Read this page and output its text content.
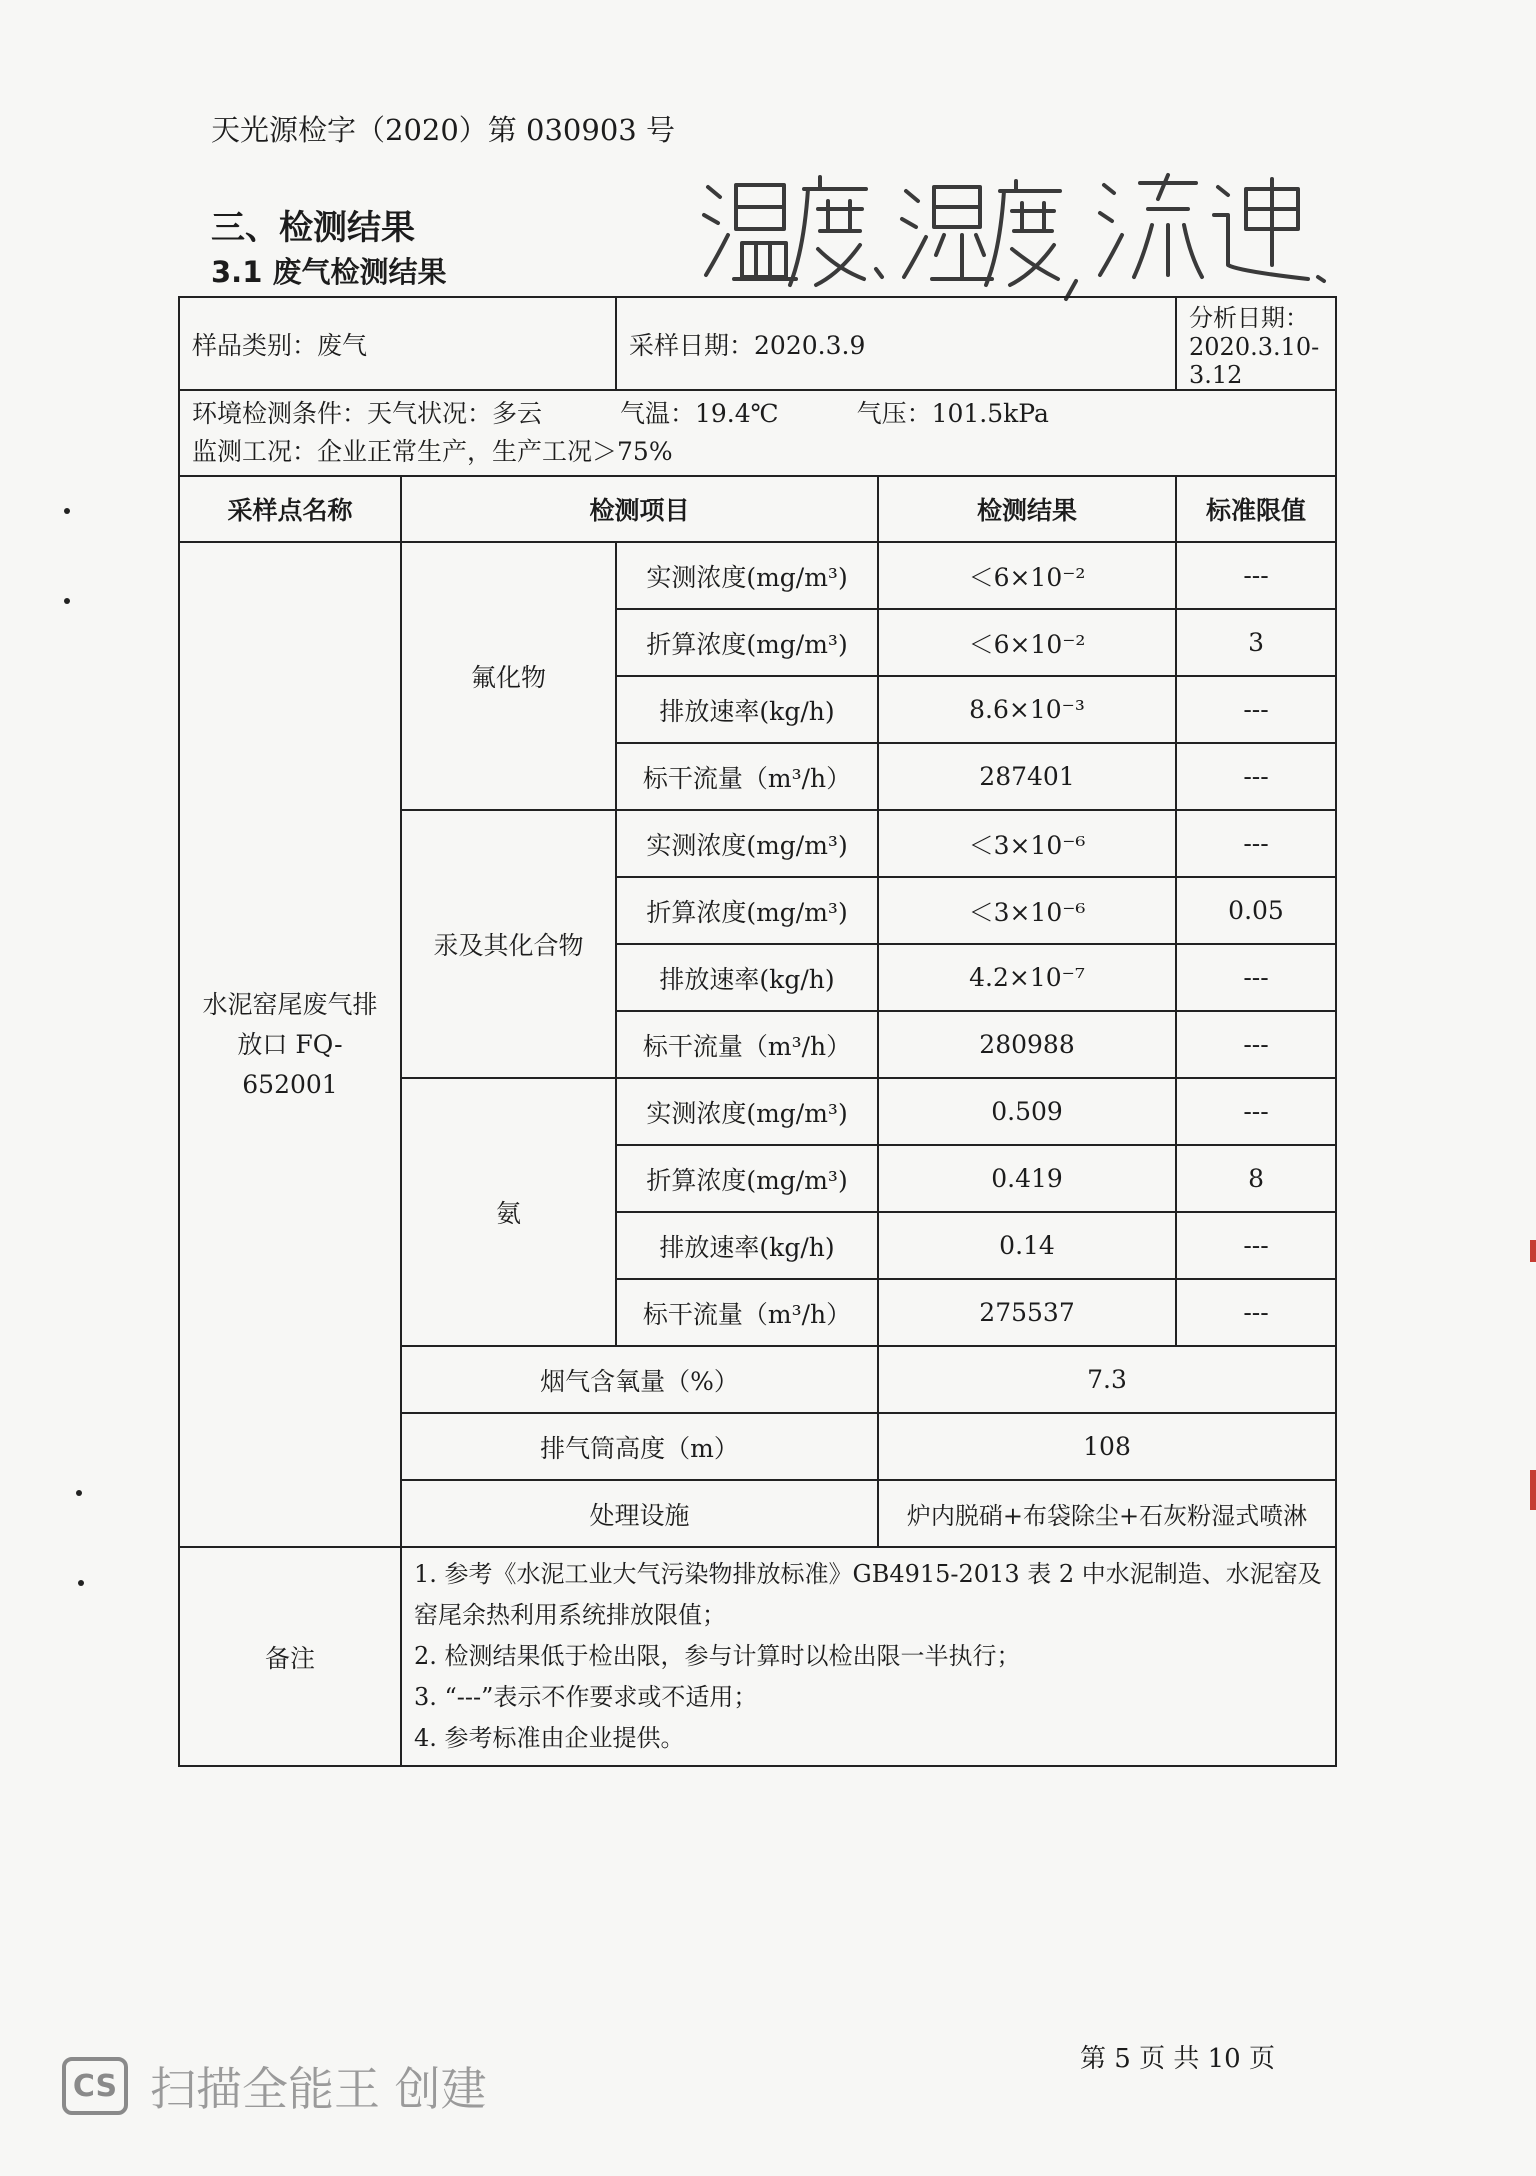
天光源检字（2020）第 030903 号
三、检测结果
3.1 废气检测结果
样品类别：废气		采样日期：2020.3.9		分析日期：2020.3.10-3.12
环境检测条件：天气状况：多云 气温：19.4℃ 气压：101.5kPa
监测工况：企业正常生产，生产工况＞75%				
采样点名称	检测项目		检测结果	标准限值
水泥窑尾废气排放口 FQ-652001	氟化物	实测浓度(mg/m³)	＜6×10⁻²	---
		折算浓度(mg/m³)	＜6×10⁻²	3
		排放速率(kg/h)	8.6×10⁻³	---
		标干流量（m³/h）	287401	---
	汞及其化合物	实测浓度(mg/m³)	＜3×10⁻⁶	---
		折算浓度(mg/m³)	＜3×10⁻⁶	0.05
		排放速率(kg/h)	4.2×10⁻⁷	---
		标干流量（m³/h）	280988	---
	氨	实测浓度(mg/m³)	0.509	---
		折算浓度(mg/m³)	0.419	8
		排放速率(kg/h)	0.14	---
		标干流量（m³/h）	275537	---
	烟气含氧量（%）		7.3	
	排气筒高度（m）		108	
	处理设施		炉内脱硝+布袋除尘+石灰粉湿式喷淋	
备注	1. 参考《水泥工业大气污染物排放标准》GB4915-2013 表 2 中水泥制造、水泥窑及
窑尾余热利用系统排放限值；
2. 检测结果低于检出限，参与计算时以检出限一半执行；
3. “---”表示不作要求或不适用；
4. 参考标准由企业提供。			
第 5 页 共 10 页
CS 扫描全能王 创建
